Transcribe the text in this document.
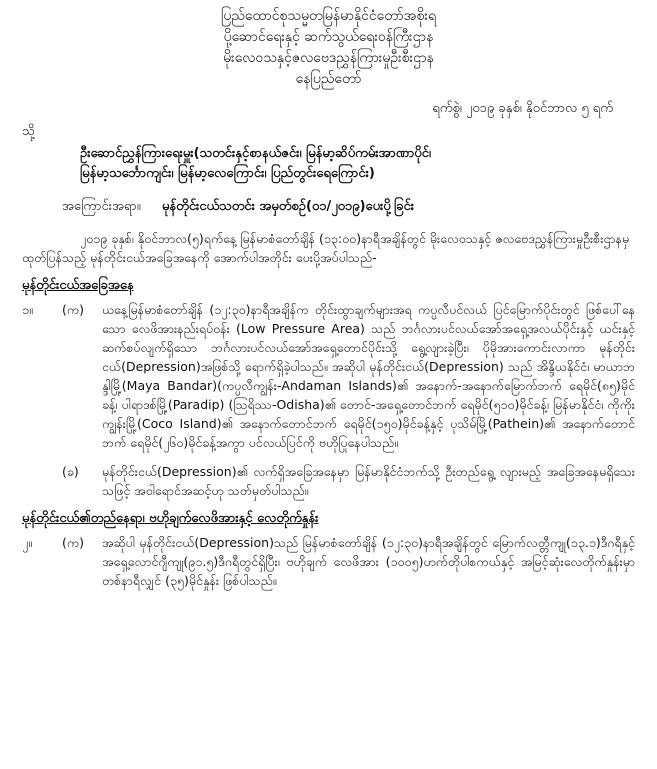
ပြည်ထောင်စုသမ္မတမြန်မာနိုင်ငံတော်အစိုးရ
ပို့ဆောင်ရေးနှင့် ဆက်သွယ်ရေးဝန်ကြီးဌာန
မိုးလေဝသနှင့်ဇလဗေဒညွှန်ကြားမှုဦးစီးဌာန
နေပြည်တော်
ရက်စွဲ၊ ၂၀၁၉ ခုနှစ်၊ နိုဝင်ဘာလ ၅ ရက်
သို့
ဦးဆောင်ညွှန်ကြားရေးမှူး(သတင်းနှင့်စာနယ်ဇင်း၊ မြန်မာ့ဆိပ်ကမ်းအာဏာပိုင်၊
မြန်မာ့သင်္ဘောကျင်း၊ မြန်မာ့လေကြောင်း၊ ပြည်တွင်းရေကြောင်း)
အကြောင်းအရာ။	မုန်တိုင်းငယ်သတင်း အမှတ်စဉ်(၀၁/၂၀၁၉)ပေးပို့ခြင်း
၂၀၁၉ ခုနှစ်၊ နိုဝင်ဘာလ(၅)ရက်နေ့ မြန်မာစံတော်ချိန် (၁၃:၀၀)နာရီအချိန်တွင် မိုးလေဝသနှင့် ဇလဗေဒညွှန်ကြားမှုဦးစီးဌာနမှ ထုတ်ပြန်သည့် မုန်တိုင်းငယ်အခြေအနေကို အောက်ပါအတိုင်း ပေးပို့အပ်ပါသည်-
မုန်တိုင်းငယ်အခြေအနေ
၁။	(က)	ယနေ့မြန်မာစံတော်ချိန် (၁၂:၃၀)နာရီအချိန်က တိုင်းထွာချက်များအရ ကပ္ပလီပင်လယ် ပြင်မြောက်ပိုင်းတွင် ဖြစ်ပေါ်နေသော လေဖိအားနည်းရပ်ဝန်း (Low Pressure Area) သည် ဘင်္ဂလားပင်လယ်အော်အရှေ့အလယ်ပိုင်းနှင့် ယင်းနှင့်ဆက်စပ်လျက်ရှိသော ဘင်္ဂလားပင်လယ်အော်အရှေ့တောင်ပိုင်းသို့ ရွေ့လျားခဲ့ပြီး၊ ပိုမိုအားကောင်းလာကာ မုန်တိုင်းငယ်(Depression)အဖြစ်သို့ ရောက်ရှိခဲ့ပါသည်။ အဆိုပါ မုန်တိုင်းငယ်(Depression) သည် အိန္ဒိယနိုင်ငံ၊ မာယာဘန္ဒါမြို့(Maya Bandar)(ကပ္ပလီကျွန်း-Andaman Islands)၏ အနောက်-အနောက်မြောက်ဘက် ရေမိုင်(၈၅)မိုင်ခန့်၊ ပါရာဒစ်မြို့(Paradip) (ဩရိဿ-Odisha)၏ တောင်-အရှေ့တောင်ဘက် ရေမိုင်(၅၁၀)မိုင်ခန့်၊ မြန်မာနိုင်ငံ၊ ကိုကိုးကျွန်းမြို့(Coco Island)၏ အနောက်တောင်ဘက် ရေမိုင်(၁၅၀)မိုင်ခန့်နှင့် ပုသိမ်မြို့(Pathein)၏ အနောက်တောင်ဘက် ရေမိုင်(၂၆၀)မိုင်ခန့်အကွာ ပင်လယ်ပြင်ကို ဗဟိုပြုနေပါသည်။
(ခ)	မုန်တိုင်းငယ်(Depression)၏ လက်ရှိအခြေအနေမှာ မြန်မာနိုင်ငံဘက်သို့ ဦးတည်ရွေ့ လျားမည့် အခြေအနေမရှိသေးသဖြင့် အဝါရောင်အဆင့်ဟု သတ်မှတ်ပါသည်။
မုန်တိုင်းငယ်၏တည်နေရာ၊ ဗဟိုချက်လေဖိအားနှင့် လေတိုက်နှုန်း
၂။	(က)	အဆိုပါ မုန်တိုင်းငယ်(Depression)သည် မြန်မာစံတော်ချိန် (၁၂:၃၀)နာရီအချိန်တွင် မြောက်လတ္တီကျု(၁၃.၁)ဒီဂရီနှင့် အရှေ့လောင်ဂျီကျု(၉၁.၅)ဒီဂရီတွင်ရှိပြီး၊ ဗဟိုချက် လေဖိအား (၁၀၀၅)ဟက်တိုပါစကယ်နှင့် အမြင့်ဆုံးလေတိုက်နှုန်းမှာ တစ်နာရီလျှင် (၃၅)မိုင်နှုန်း ဖြစ်ပါသည်။
